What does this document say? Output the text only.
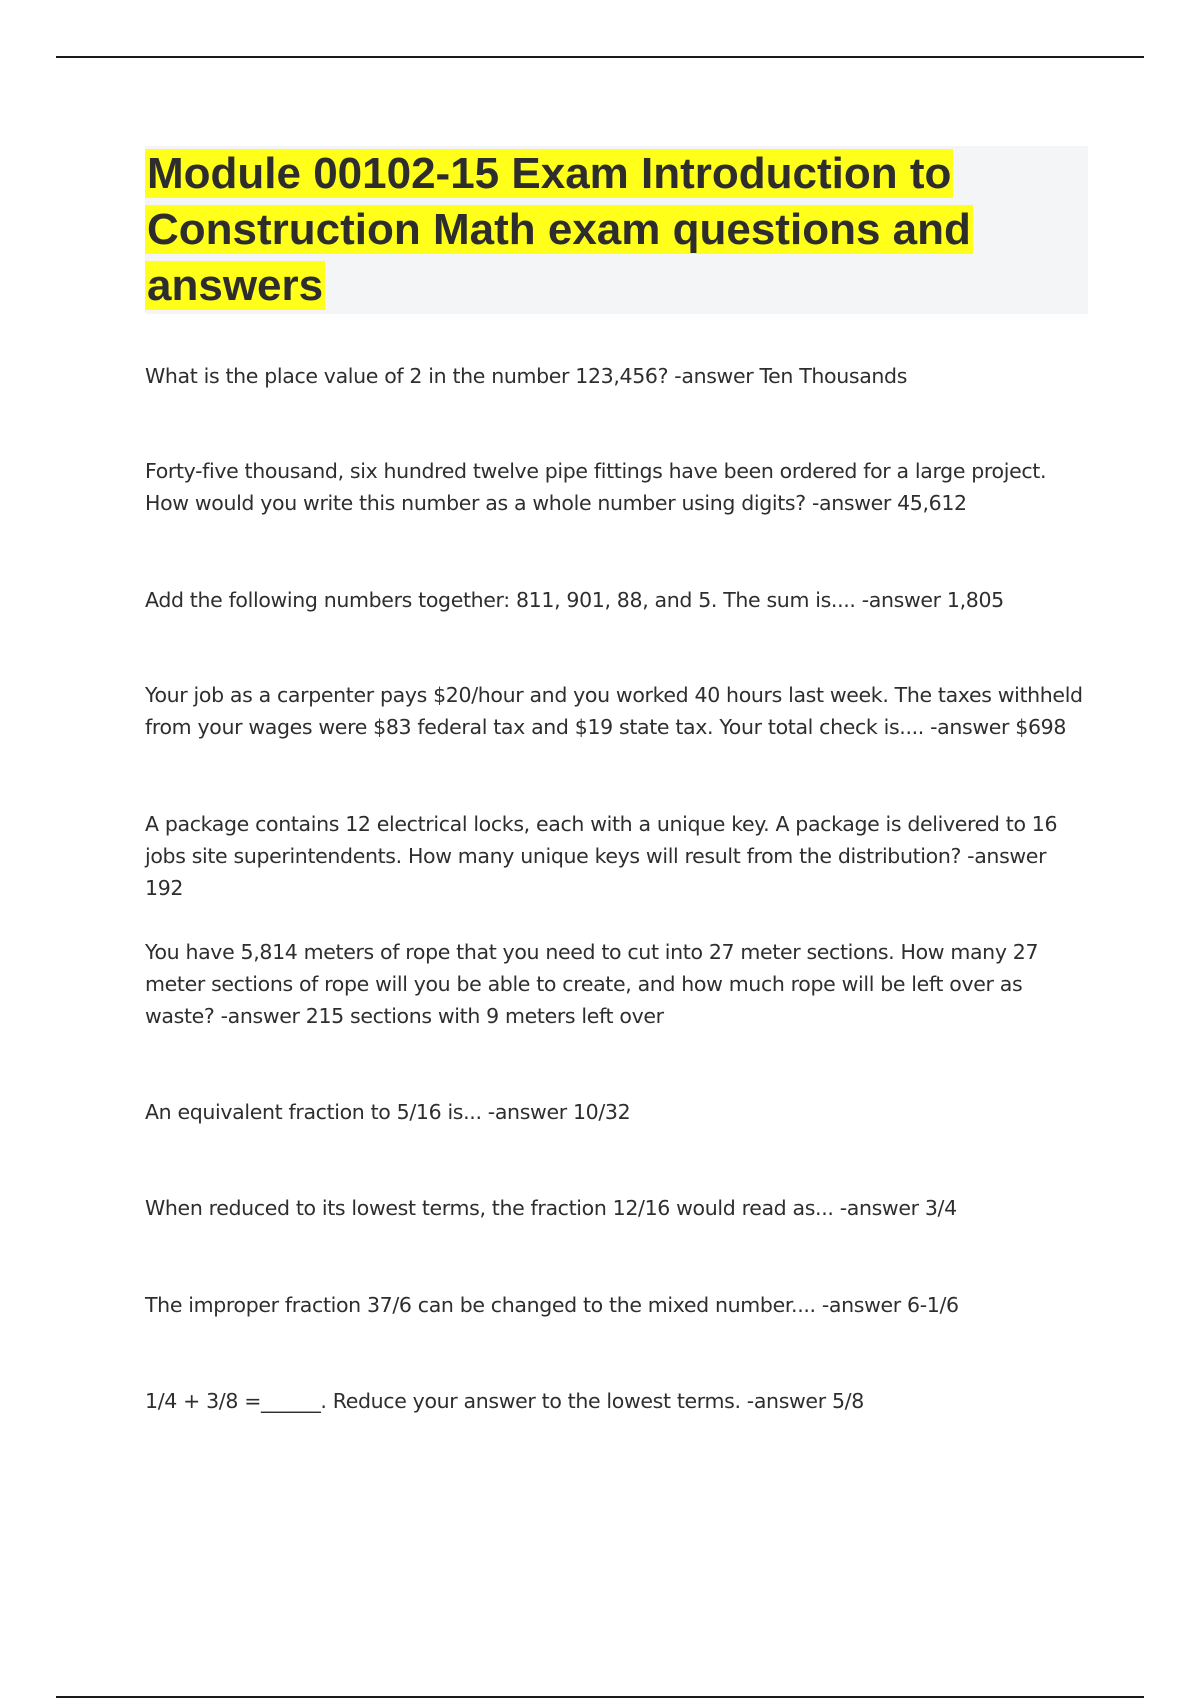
Module 00102-15 Exam Introduction to Construction Math exam questions and answers

What is the place value of 2 in the number 123,456? -answer Ten Thousands

Forty-five thousand, six hundred twelve pipe fittings have been ordered for a large project. How would you write this number as a whole number using digits? -answer 45,612

Add the following numbers together: 811, 901, 88, and 5. The sum is.... -answer 1,805

Your job as a carpenter pays $20/hour and you worked 40 hours last week. The taxes withheld from your wages were $83 federal tax and $19 state tax. Your total check is.... -answer $698

A package contains 12 electrical locks, each with a unique key. A package is delivered to 16 jobs site superintendents. How many unique keys will result from the distribution? -answer 192

You have 5,814 meters of rope that you need to cut into 27 meter sections. How many 27 meter sections of rope will you be able to create, and how much rope will be left over as waste? -answer 215 sections with 9 meters left over

An equivalent fraction to 5/16 is... -answer 10/32

When reduced to its lowest terms, the fraction 12/16 would read as... -answer 3/4

The improper fraction 37/6 can be changed to the mixed number.... -answer 6-1/6

1/4 + 3/8 =______. Reduce your answer to the lowest terms. -answer 5/8
